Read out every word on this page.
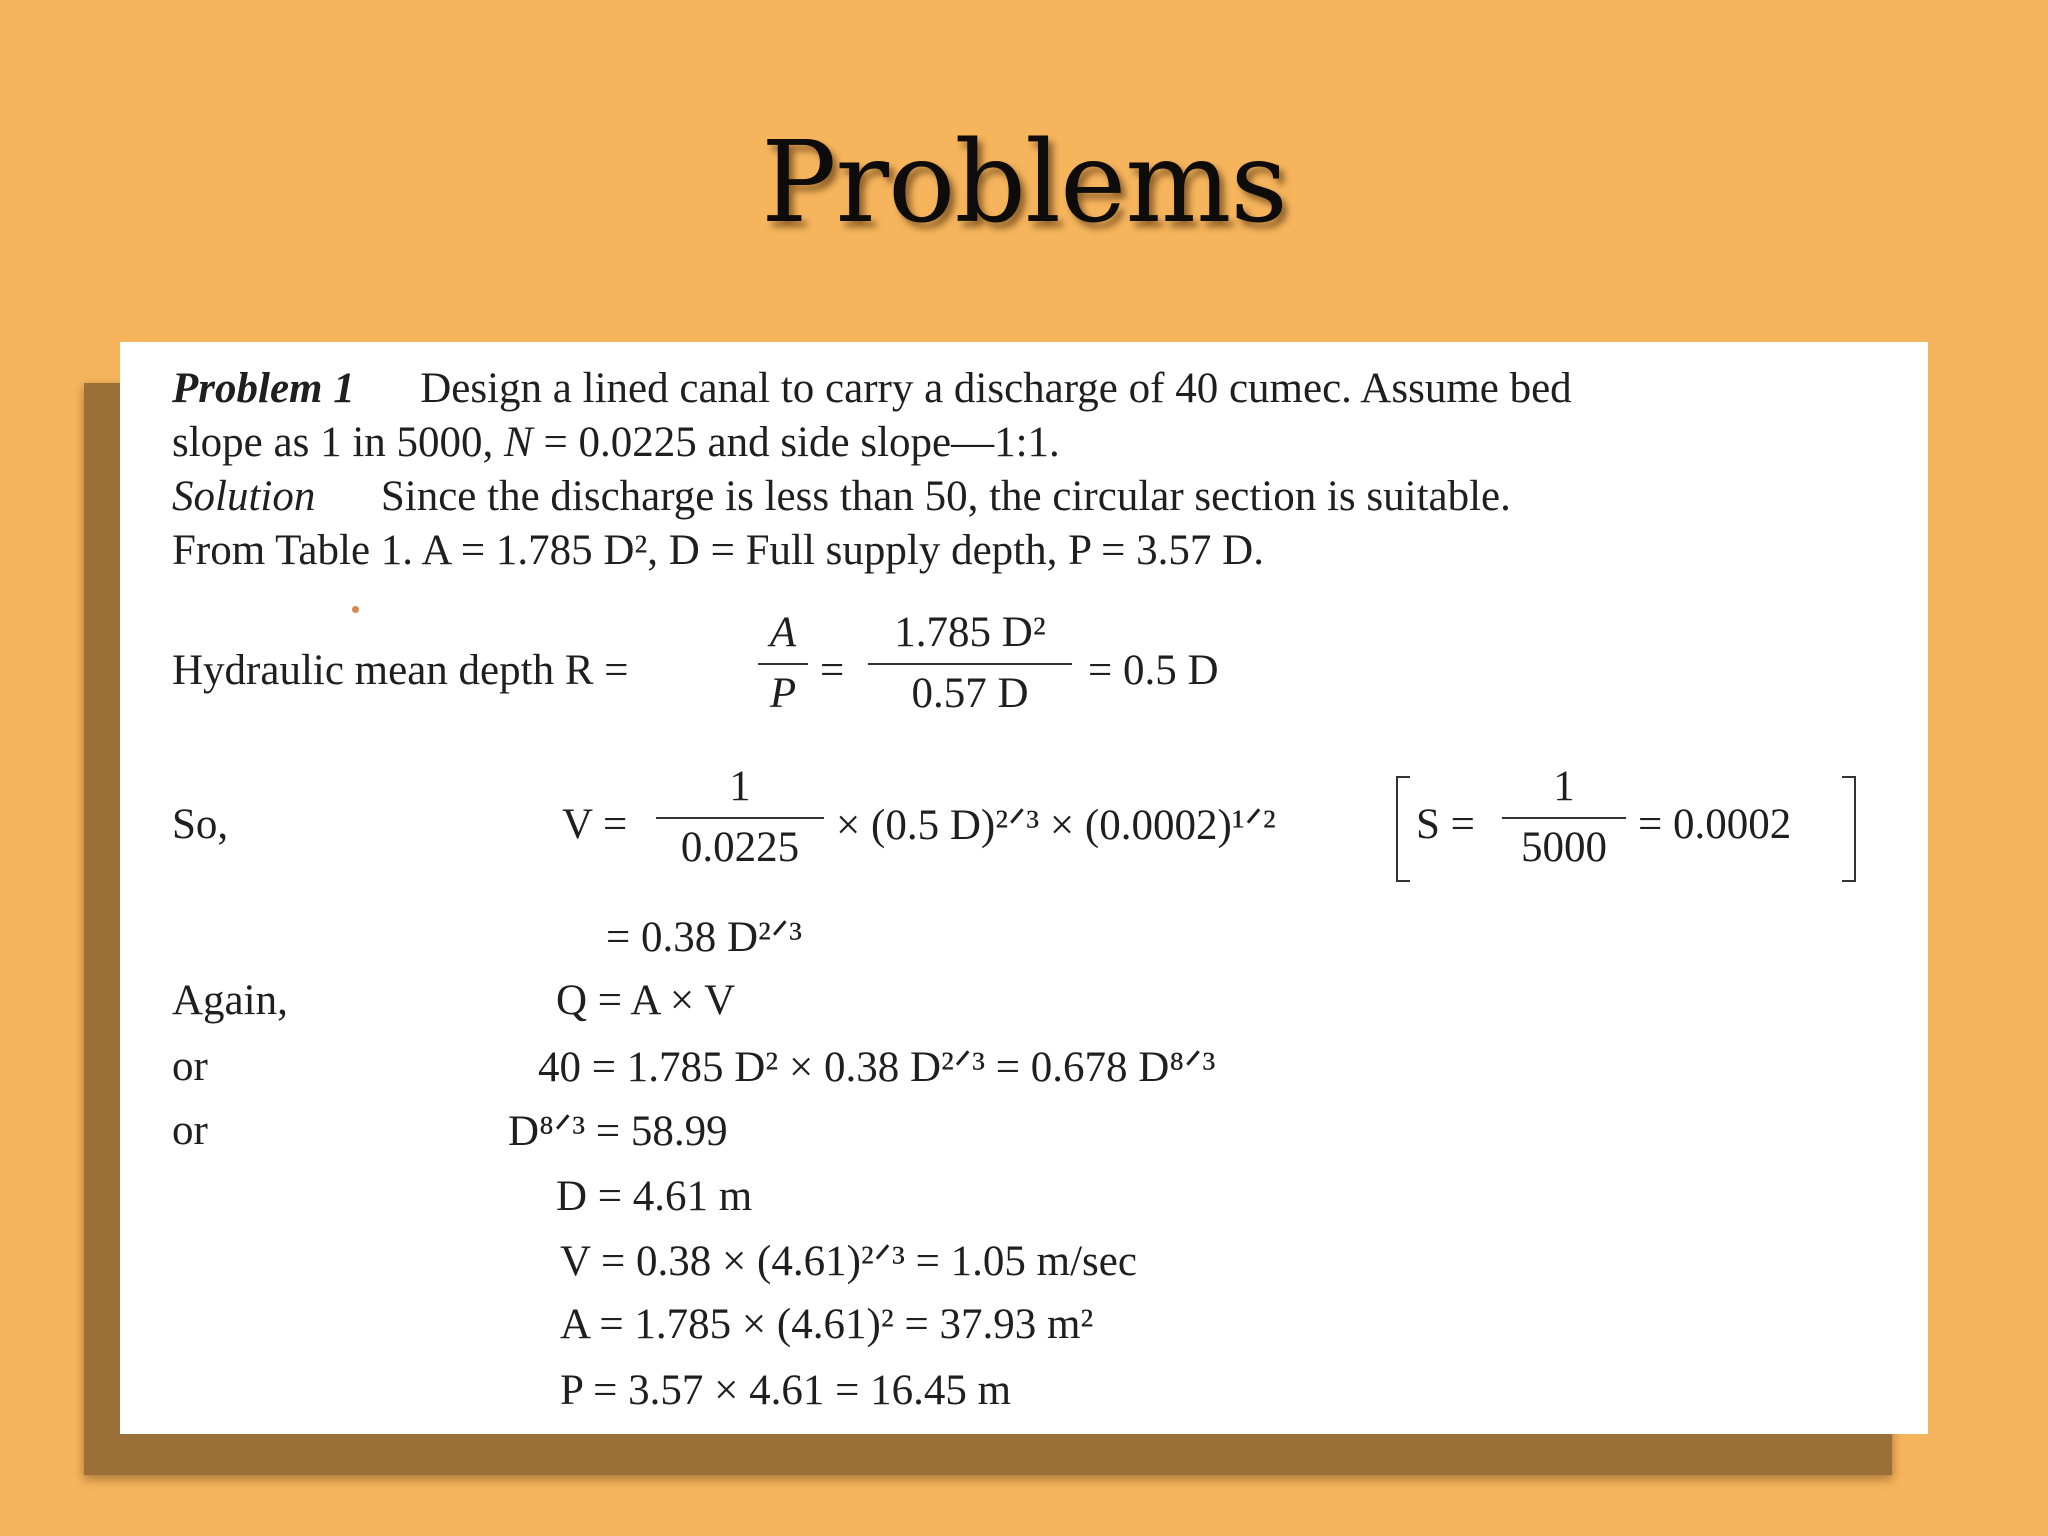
Problems
Problem 1 Design a lined canal to carry a discharge of 40 cumec. Assume bed
slope as 1 in 5000, N = 0.0225 and side slope—1:1.
Solution Since the discharge is less than 50, the circular section is suitable.
From Table 1. A = 1.785 D², D = Full supply depth, P = 3.57 D.
Hydraulic mean depth R =
A
P =
1.785 D²
0.57 D	= 0.5 D
So,	V =
1
0.0225 × (0.5 D)²ᐟ³ × (0.0002)¹ᐟ²	S =
1
5000 = 0.0002
= 0.38 D²ᐟ³
Again,	Q = A × V
or	40 = 1.785 D² × 0.38 D²ᐟ³ = 0.678 D⁸ᐟ³
or	D⁸ᐟ³ = 58.99
D = 4.61 m
V = 0.38 × (4.61)²ᐟ³ = 1.05 m/sec
A = 1.785 × (4.61)² = 37.93 m²
P = 3.57 × 4.61 = 16.45 m
